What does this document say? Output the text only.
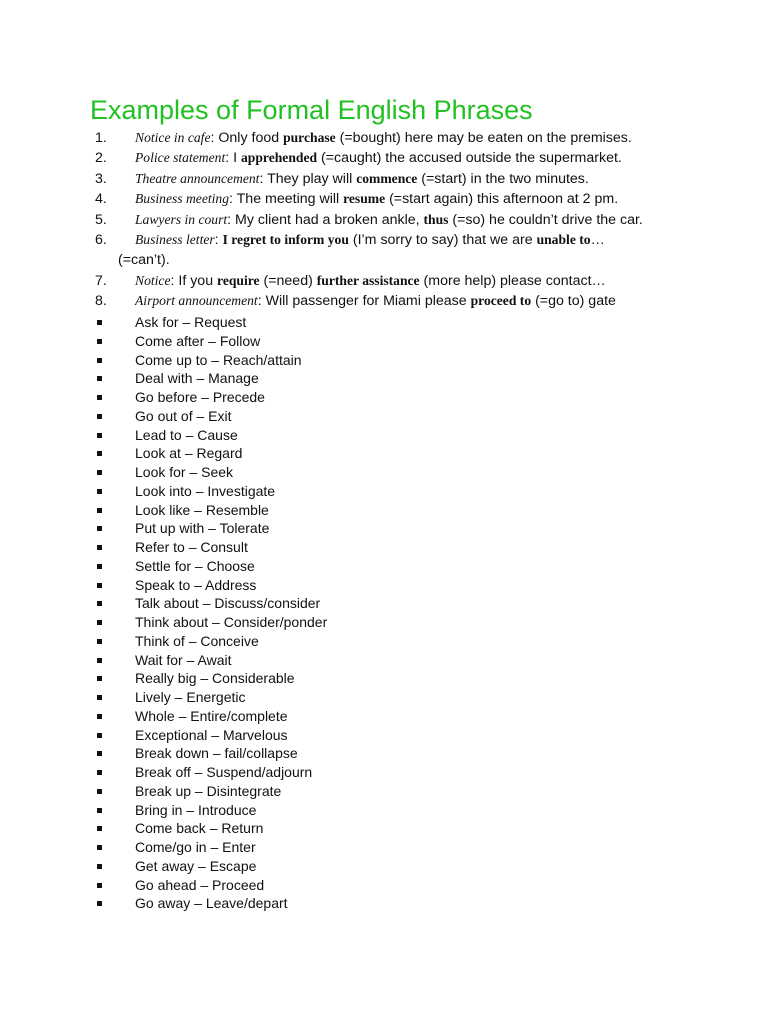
Examples of Formal English Phrases
1. Notice in cafe: Only food purchase (=bought) here may be eaten on the premises.
2. Police statement: I apprehended (=caught) the accused outside the supermarket.
3. Theatre announcement: They play will commence (=start) in the two minutes.
4. Business meeting: The meeting will resume (=start again) this afternoon at 2 pm.
5. Lawyers in court: My client had a broken ankle, thus (=so) he couldn’t drive the car.
6. Business letter: I regret to inform you (I’m sorry to say) that we are unable to…
(=can’t).
7. Notice: If you require (=need) further assistance (more help) please contact…
8. Airport announcement: Will passenger for Miami please proceed to (=go to) gate
Ask for – Request
Come after – Follow
Come up to – Reach/attain
Deal with – Manage
Go before – Precede
Go out of – Exit
Lead to – Cause
Look at – Regard
Look for – Seek
Look into – Investigate
Look like – Resemble
Put up with – Tolerate
Refer to – Consult
Settle for – Choose
Speak to – Address
Talk about – Discuss/consider
Think about – Consider/ponder
Think of – Conceive
Wait for – Await
Really big – Considerable
Lively – Energetic
Whole – Entire/complete
Exceptional – Marvelous
Break down – fail/collapse
Break off – Suspend/adjourn
Break up – Disintegrate
Bring in – Introduce
Come back – Return
Come/go in – Enter
Get away – Escape
Go ahead – Proceed
Go away – Leave/depart
